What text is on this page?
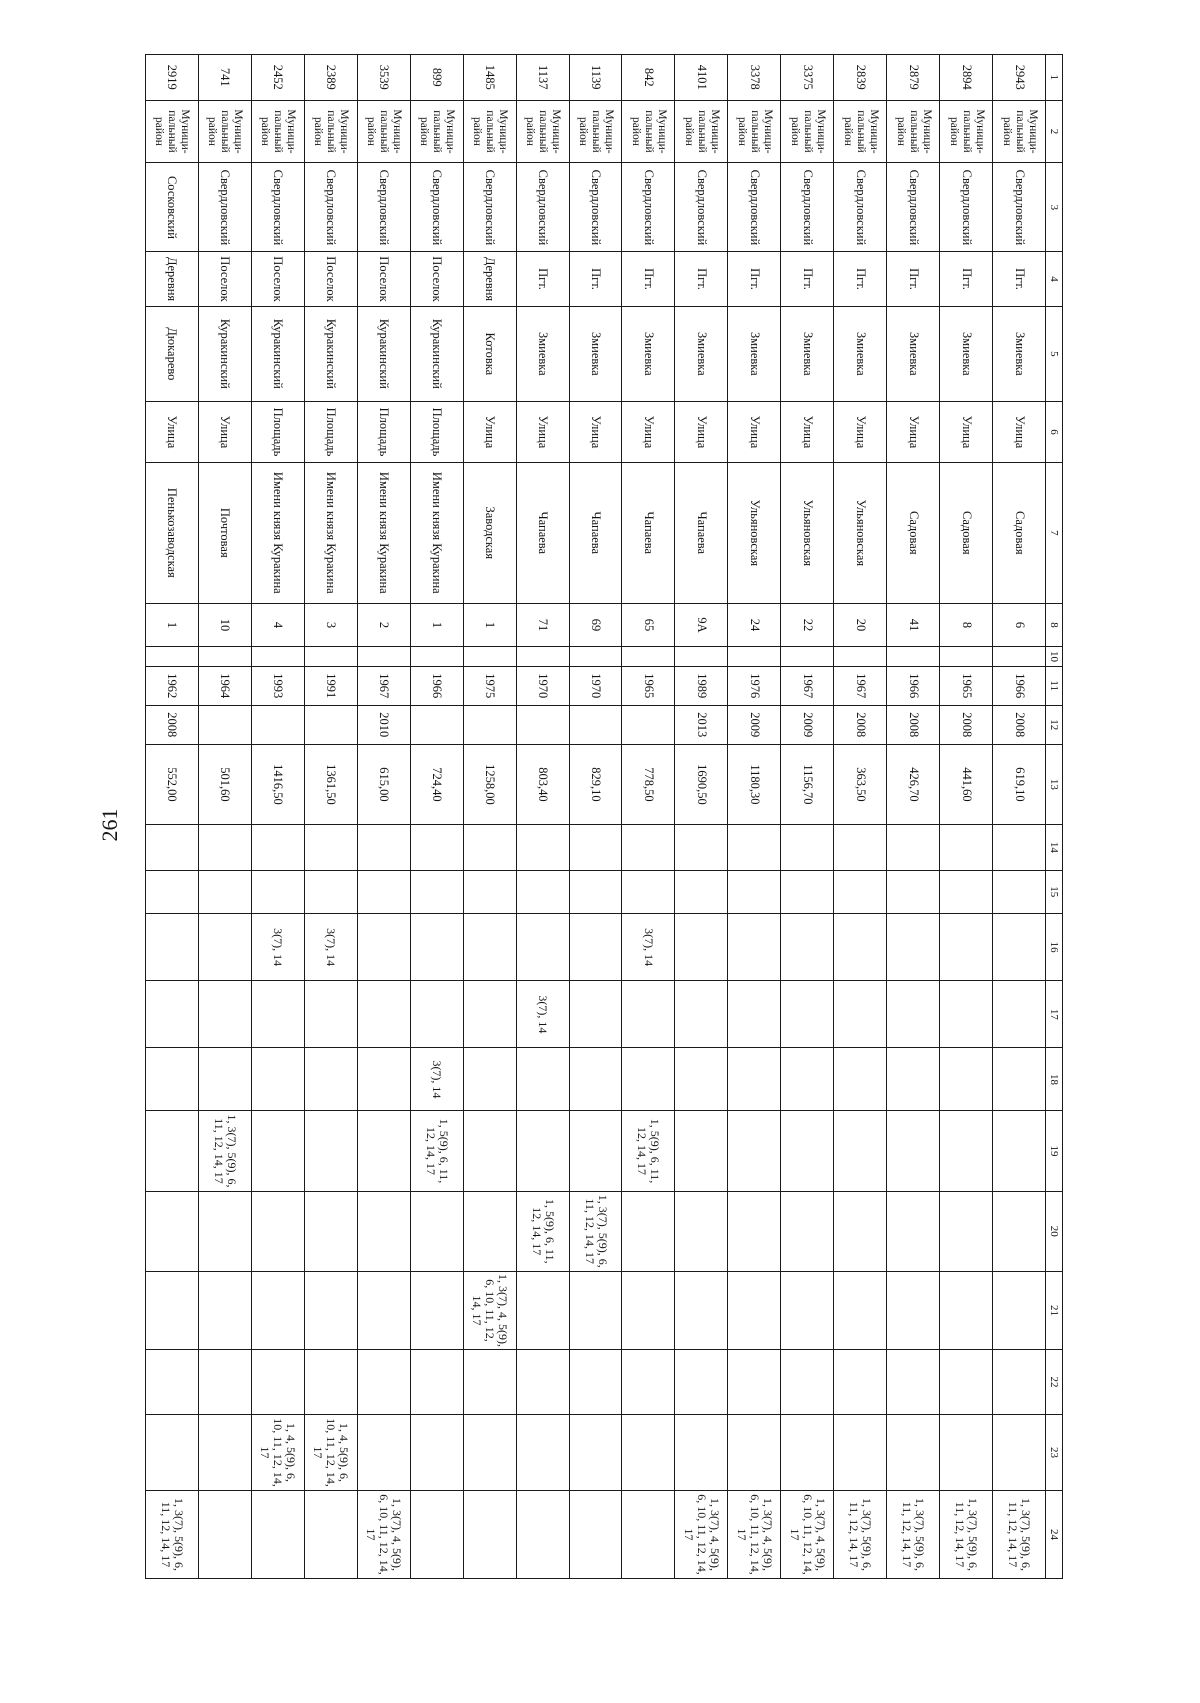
261
1	2	3	4	5	6	7	8	10	11	12	13	14	15	16	17	18	19	20	21	22	23	24
2943	Муници-пальный район	Свердловский	Пгт.	Змиевка	Улица	Садовая	6		1966	2008	619,10											1, 3(7), 5(9), 6, 11, 12, 14, 17
2894	Муници-пальный район	Свердловский	Пгт.	Змиевка	Улица	Садовая	8		1965	2008	441,60											1, 3(7), 5(9), 6, 11, 12, 14, 17
2879	Муници-пальный район	Свердловский	Пгт.	Змиевка	Улица	Садовая	41		1966	2008	426,70											1, 3(7), 5(9), 6, 11, 12, 14, 17
2839	Муници-пальный район	Свердловский	Пгт.	Змиевка	Улица	Ульяновская	20		1967	2008	363,50											1, 3(7), 5(9), 6, 11, 12, 14, 17
3375	Муници-пальный район	Свердловский	Пгт.	Змиевка	Улица	Ульяновская	22		1967	2009	1156,70											1, 3(7), 4, 5(9), 6, 10, 11, 12, 14, 17
3378	Муници-пальный район	Свердловский	Пгт.	Змиевка	Улица	Ульяновская	24		1976	2009	1180,30											1, 3(7), 4, 5(9), 6, 10, 11, 12, 14, 17
4101	Муници-пальный район	Свердловский	Пгт.	Змиевка	Улица	Чапаева	9А		1989	2013	1690,50											1, 3(7), 4, 5(9), 6, 10, 11, 12, 14, 17
842	Муници-пальный район	Свердловский	Пгт.	Змиевка	Улица	Чапаева	65		1965		778,50			3(7), 14			1, 5(9), 6, 11, 12, 14, 17					
1139	Муници-пальный район	Свердловский	Пгт.	Змиевка	Улица	Чапаева	69		1970		829,10							1, 3(7), 5(9), 6, 11, 12, 14, 17				
1137	Муници-пальный район	Свердловский	Пгт.	Змиевка	Улица	Чапаева	71		1970		803,40				3(7), 14			1, 5(9), 6, 11, 12, 14, 17				
1485	Муници-пальный район	Свердловский	Деревня	Котовка	Улица	Заводская	1		1975		1258,00								1, 3(7), 4, 5(9), 6, 10, 11, 12, 14, 17			
899	Муници-пальный район	Свердловский	Поселок	Куракинский	Площадь	Имени князя Куракина	1		1966		724,40					3(7), 14	1, 5(9), 6, 11, 12, 14, 17					
3539	Муници-пальный район	Свердловский	Поселок	Куракинский	Площадь	Имени князя Куракина	2		1967	2010	615,00											1, 3(7), 4, 5(9), 6, 10, 11, 12, 14, 17
2389	Муници-пальный район	Свердловский	Поселок	Куракинский	Площадь	Имени князя Куракина	3		1991		1361,50			3(7), 14							1, 4, 5(9), 6, 10, 11, 12, 14, 17	
2452	Муници-пальный район	Свердловский	Поселок	Куракинский	Площадь	Имени князя Куракина	4		1993		1416,50			3(7), 14							1, 4, 5(9), 6, 10, 11, 12, 14, 17	
741	Муници-пальный район	Свердловский	Поселок	Куракинский	Улица	Почтовая	10		1964		501,60						1, 3(7), 5(9), 6, 11, 12, 14, 17					
2919	Муници-пальный район	Сосковский	Деревня	Дюкарево	Улица	Пенькозаводская	1		1962	2008	552,00											1, 3(7), 5(9), 6, 11, 12, 14, 17
